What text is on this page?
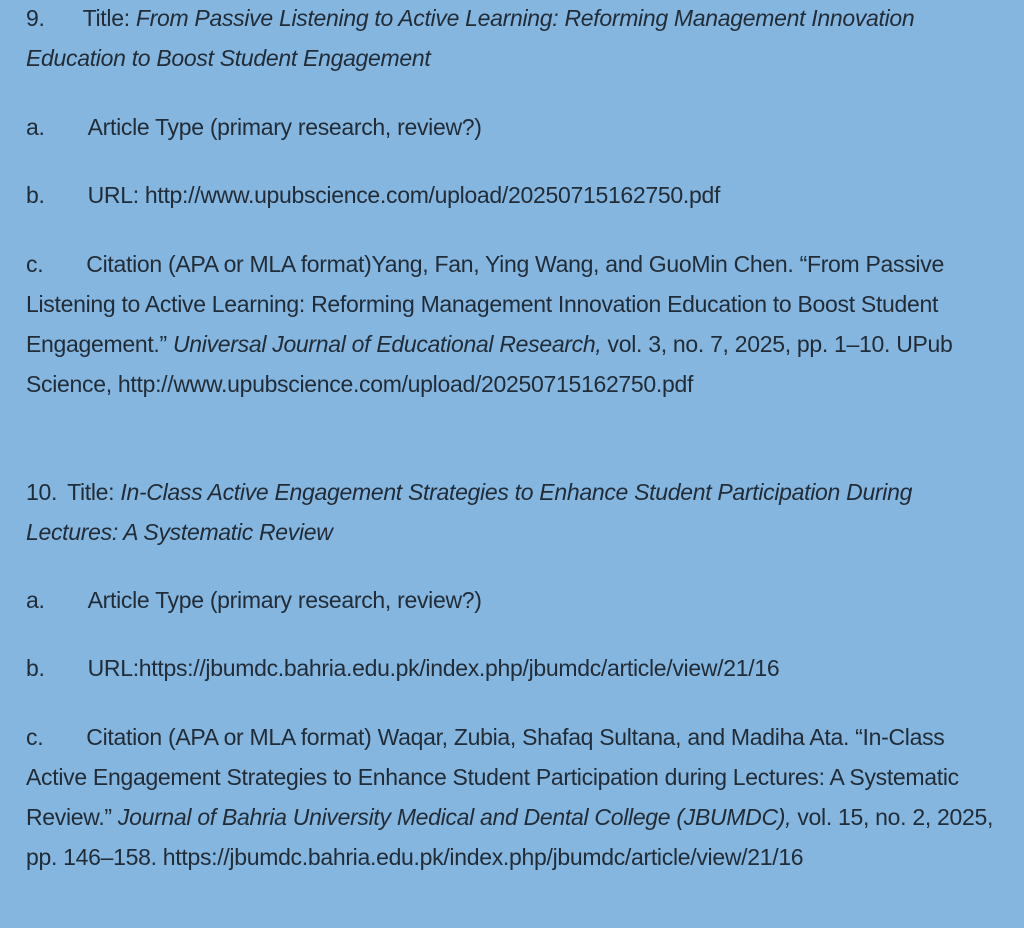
9. Title: From Passive Listening to Active Learning: Reforming Management Innovation Education to Boost Student Engagement

a. Article Type (primary research, review?)

b. URL: http://www.upubscience.com/upload/20250715162750.pdf

c. Citation (APA or MLA format)Yang, Fan, Ying Wang, and GuoMin Chen. “From Passive Listening to Active Learning: Reforming Management Innovation Education to Boost Student Engagement.” Universal Journal of Educational Research, vol. 3, no. 7, 2025, pp. 1–10. UPub Science, http://www.upubscience.com/upload/20250715162750.pdf

10. Title: In-Class Active Engagement Strategies to Enhance Student Participation During Lectures: A Systematic Review

a. Article Type (primary research, review?)

b. URL:https://jbumdc.bahria.edu.pk/index.php/jbumdc/article/view/21/16

c. Citation (APA or MLA format) Waqar, Zubia, Shafaq Sultana, and Madiha Ata. “In-Class Active Engagement Strategies to Enhance Student Participation during Lectures: A Systematic Review.” Journal of Bahria University Medical and Dental College (JBUMDC), vol. 15, no. 2, 2025, pp. 146–158. https://jbumdc.bahria.edu.pk/index.php/jbumdc/article/view/21/16
